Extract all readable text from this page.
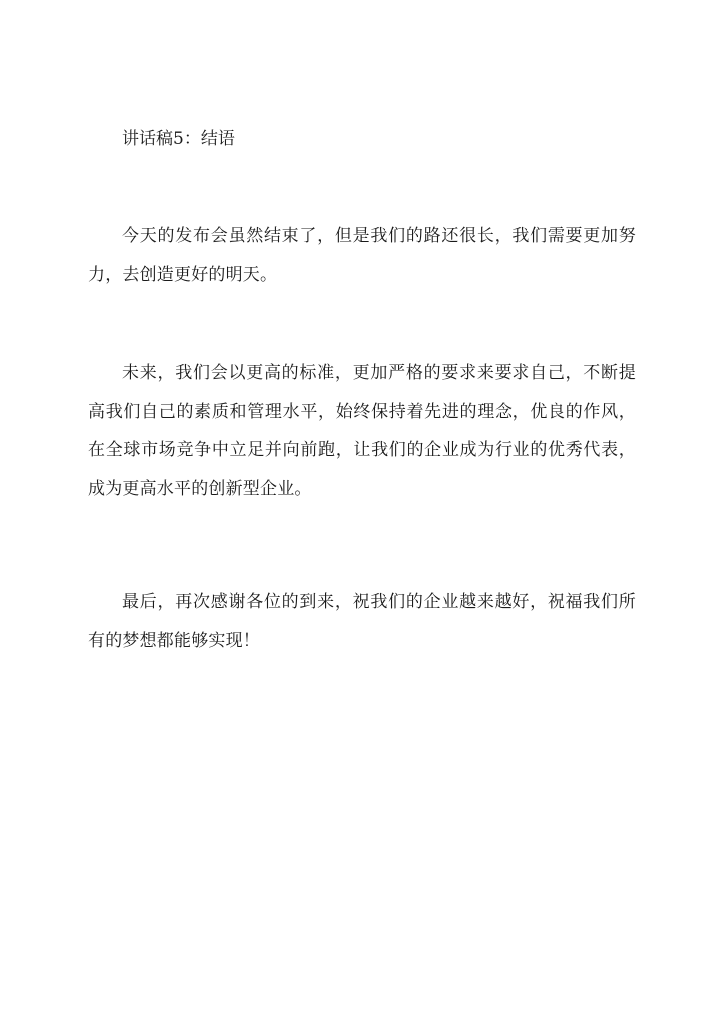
讲话稿5：结语

今天的发布会虽然结束了，但是我们的路还很长，我们需要更加努力，去创造更好的明天。

未来，我们会以更高的标准，更加严格的要求来要求自己，不断提高我们自己的素质和管理水平，始终保持着先进的理念，优良的作风，在全球市场竞争中立足并向前跑，让我们的企业成为行业的优秀代表，成为更高水平的创新型企业。

最后，再次感谢各位的到来，祝我们的企业越来越好，祝福我们所有的梦想都能够实现！
